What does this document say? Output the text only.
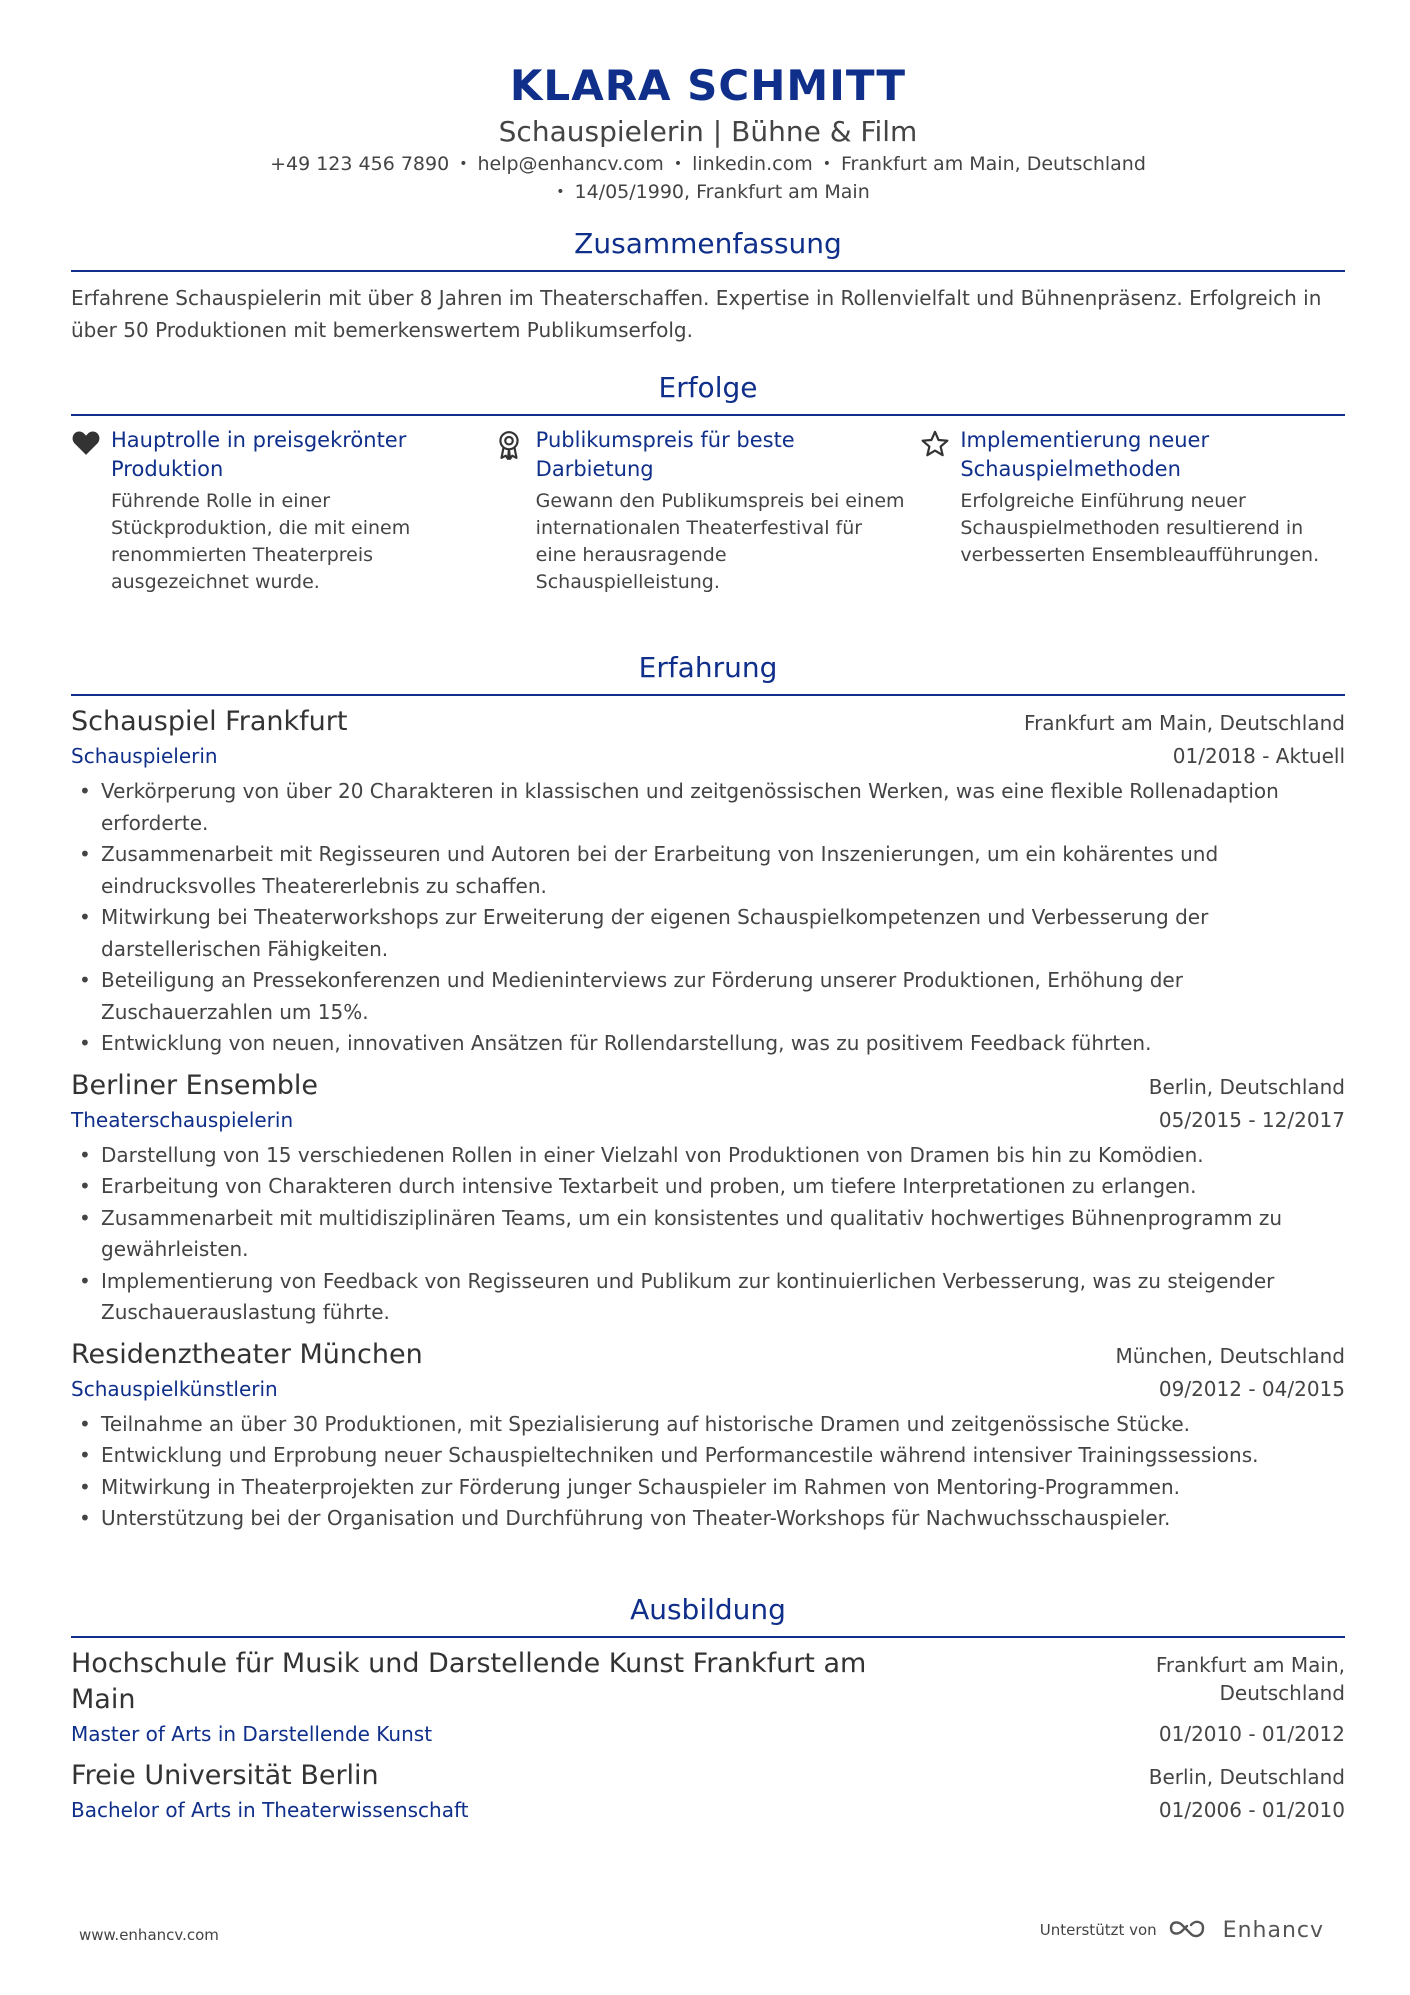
KLARA SCHMITT
Schauspielerin | Bühne & Film
+49 123 456 7890 • help@enhancv.com • linkedin.com • Frankfurt am Main, Deutschland
• 14/05/1990, Frankfurt am Main
Zusammenfassung
Erfahrene Schauspielerin mit über 8 Jahren im Theaterschaffen. Expertise in Rollenvielfalt und Bühnenpräsenz. Erfolgreich in über 50 Produktionen mit bemerkenswertem Publikumserfolg.
Erfolge
Hauptrolle in preisgekrönter Produktion
Führende Rolle in einer Stückproduktion, die mit einem renommierten Theaterpreis ausgezeichnet wurde.
Publikumspreis für beste Darbietung
Gewann den Publikumspreis bei einem internationalen Theaterfestival für eine herausragende Schauspielleistung.
Implementierung neuer Schauspielmethoden
Erfolgreiche Einführung neuer Schauspielmethoden resultierend in verbesserten Ensembleaufführungen.
Erfahrung
Schauspiel Frankfurt	Frankfurt am Main, Deutschland
Schauspielerin	01/2018 - Aktuell
• Verkörperung von über 20 Charakteren in klassischen und zeitgenössischen Werken, was eine flexible Rollenadaption erforderte.
• Zusammenarbeit mit Regisseuren und Autoren bei der Erarbeitung von Inszenierungen, um ein kohärentes und eindrucksvolles Theatererlebnis zu schaffen.
• Mitwirkung bei Theaterworkshops zur Erweiterung der eigenen Schauspielkompetenzen und Verbesserung der darstellerischen Fähigkeiten.
• Beteiligung an Pressekonferenzen und Medieninterviews zur Förderung unserer Produktionen, Erhöhung der Zuschauerzahlen um 15%.
• Entwicklung von neuen, innovativen Ansätzen für Rollendarstellung, was zu positivem Feedback führten.
Berliner Ensemble	Berlin, Deutschland
Theaterschauspielerin	05/2015 - 12/2017
• Darstellung von 15 verschiedenen Rollen in einer Vielzahl von Produktionen von Dramen bis hin zu Komödien.
• Erarbeitung von Charakteren durch intensive Textarbeit und proben, um tiefere Interpretationen zu erlangen.
• Zusammenarbeit mit multidisziplinären Teams, um ein konsistentes und qualitativ hochwertiges Bühnenprogramm zu gewährleisten.
• Implementierung von Feedback von Regisseuren und Publikum zur kontinuierlichen Verbesserung, was zu steigender Zuschauerauslastung führte.
Residenztheater München	München, Deutschland
Schauspielkünstlerin	09/2012 - 04/2015
• Teilnahme an über 30 Produktionen, mit Spezialisierung auf historische Dramen und zeitgenössische Stücke.
• Entwicklung und Erprobung neuer Schauspieltechniken und Performancestile während intensiver Trainingssessions.
• Mitwirkung in Theaterprojekten zur Förderung junger Schauspieler im Rahmen von Mentoring-Programmen.
• Unterstützung bei der Organisation und Durchführung von Theater-Workshops für Nachwuchsschauspieler.
Ausbildung
Hochschule für Musik und Darstellende Kunst Frankfurt am Main
Frankfurt am Main, Deutschland
Master of Arts in Darstellende Kunst	01/2010 - 01/2012
Freie Universität Berlin	Berlin, Deutschland
Bachelor of Arts in Theaterwissenschaft	01/2006 - 01/2010
www.enhancv.com	Unterstützt von	Enhancv
